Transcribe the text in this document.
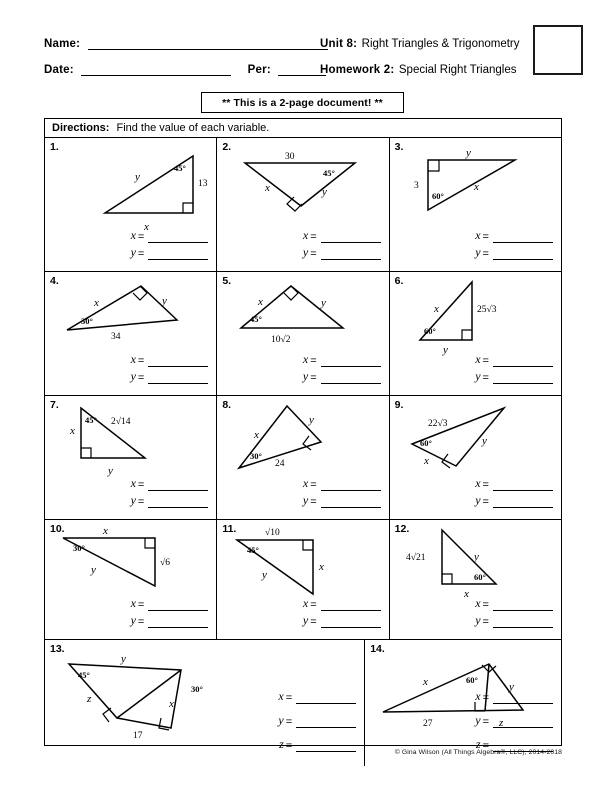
Name:
Date:	Per:
Unit 8: Right Triangles & Trigonometry
Homework 2: Special Right Triangles
** This is a 2-page document! **
Directions: Find the value of each variable.
1.
45°
13
y
x
x =
y =
2.
30
45°
x	y
x =
y =
3.	y
3
60°
x
x =
y =
4.
x	y
30°
34
x =
y =
5.
x	y
45°
10√2
x =
y =
6.
x	25√3
60°
y
x =
y =
7.
45° 2√14
x
y
x =
y =
8.
x
y
30°
24
x =
y =
9.
22√3
60°
x
y
x =
y =
10.	x
30°
y
√6
x =
y =
11.	√10
45°
y
x
x =
y =
12.
4√21	y
60°
x
x =
y =
13.
y
45°
30°
z	x
17
x =
y =
z =
14.
x	60°
y
27	z
x =
y =
z =
© Gina Wilson (All Things Algebra®, LLC), 2014-2018
